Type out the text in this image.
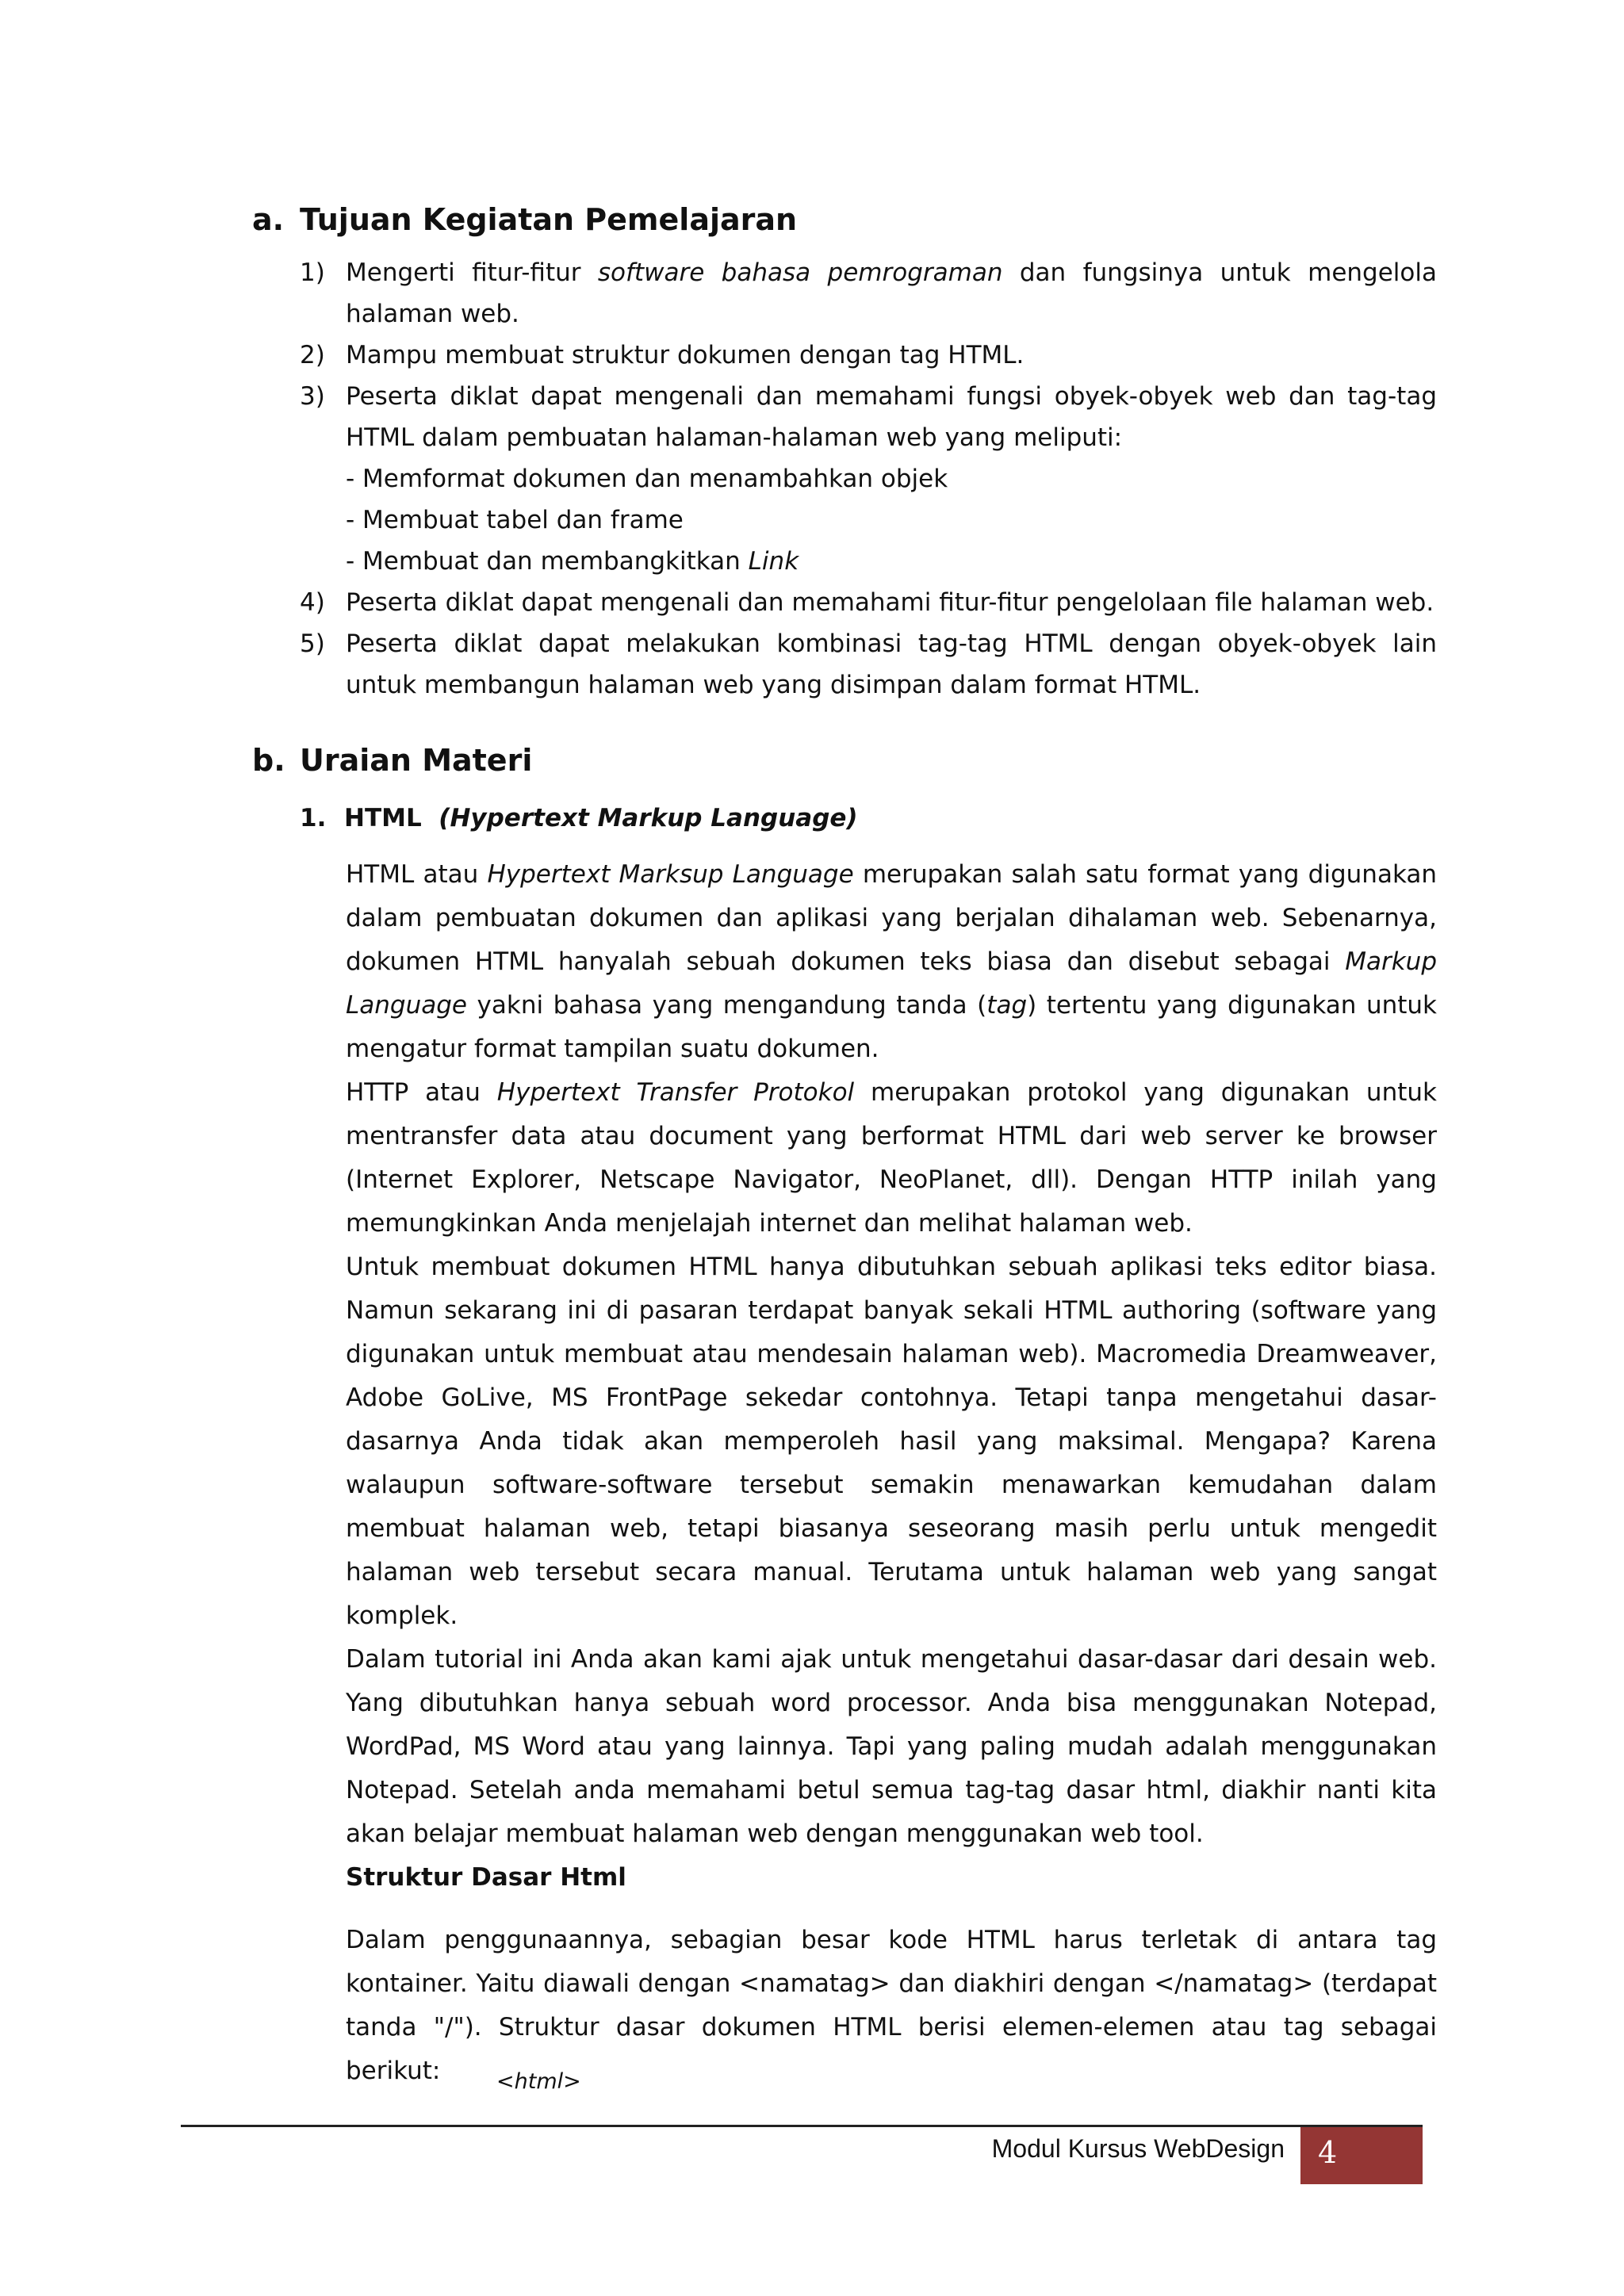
a. Tujuan Kegiatan Pemelajaran
1) Mengerti fitur-fitur software bahasa pemrograman dan fungsinya untuk mengelola halaman web.
2) Mampu membuat struktur dokumen dengan tag HTML.
3) Peserta diklat dapat mengenali dan memahami fungsi obyek-obyek web dan tag-tag HTML dalam pembuatan halaman-halaman web yang meliputi:
- Memformat dokumen dan menambahkan objek
- Membuat tabel dan frame
- Membuat dan membangkitkan Link
4) Peserta diklat dapat mengenali dan memahami fitur-fitur pengelolaan file halaman web.
5) Peserta diklat dapat melakukan kombinasi tag-tag HTML dengan obyek-obyek lain untuk membangun halaman web yang disimpan dalam format HTML.
b. Uraian Materi
1. HTML (Hypertext Markup Language)

HTML atau Hypertext Marksup Language merupakan salah satu format yang digunakan dalam pembuatan dokumen dan aplikasi yang berjalan dihalaman web. Sebenarnya, dokumen HTML hanyalah sebuah dokumen teks biasa dan disebut sebagai Markup Language yakni bahasa yang mengandung tanda (tag) tertentu yang digunakan untuk mengatur format tampilan suatu dokumen.

HTTP atau Hypertext Transfer Protokol merupakan protokol yang digunakan untuk mentransfer data atau document yang berformat HTML dari web server ke browser (Internet Explorer, Netscape Navigator, NeoPlanet, dll). Dengan HTTP inilah yang memungkinkan Anda menjelajah internet dan melihat halaman web.

Untuk membuat dokumen HTML hanya dibutuhkan sebuah aplikasi teks editor biasa. Namun sekarang ini di pasaran terdapat banyak sekali HTML authoring (software yang digunakan untuk membuat atau mendesain halaman web). Macromedia Dreamweaver, Adobe GoLive, MS FrontPage sekedar contohnya. Tetapi tanpa mengetahui dasar-dasarnya Anda tidak akan memperoleh hasil yang maksimal. Mengapa? Karena walaupun software-software tersebut semakin menawarkan kemudahan dalam membuat halaman web, tetapi biasanya seseorang masih perlu untuk mengedit halaman web tersebut secara manual. Terutama untuk halaman web yang sangat komplek.

Dalam tutorial ini Anda akan kami ajak untuk mengetahui dasar-dasar dari desain web. Yang dibutuhkan hanya sebuah word processor. Anda bisa menggunakan Notepad, WordPad, MS Word atau yang lainnya. Tapi yang paling mudah adalah menggunakan Notepad. Setelah anda memahami betul semua tag-tag dasar html, diakhir nanti kita akan belajar membuat halaman web dengan menggunakan web tool.

Struktur Dasar Html

Dalam penggunaannya, sebagian besar kode HTML harus terletak di antara tag kontainer. Yaitu diawali dengan <namatag> dan diakhiri dengan </namatag> (terdapat tanda "/"). Struktur dasar dokumen HTML berisi elemen-elemen atau tag sebagai berikut:	<html>
Modul Kursus WebDesign 4
